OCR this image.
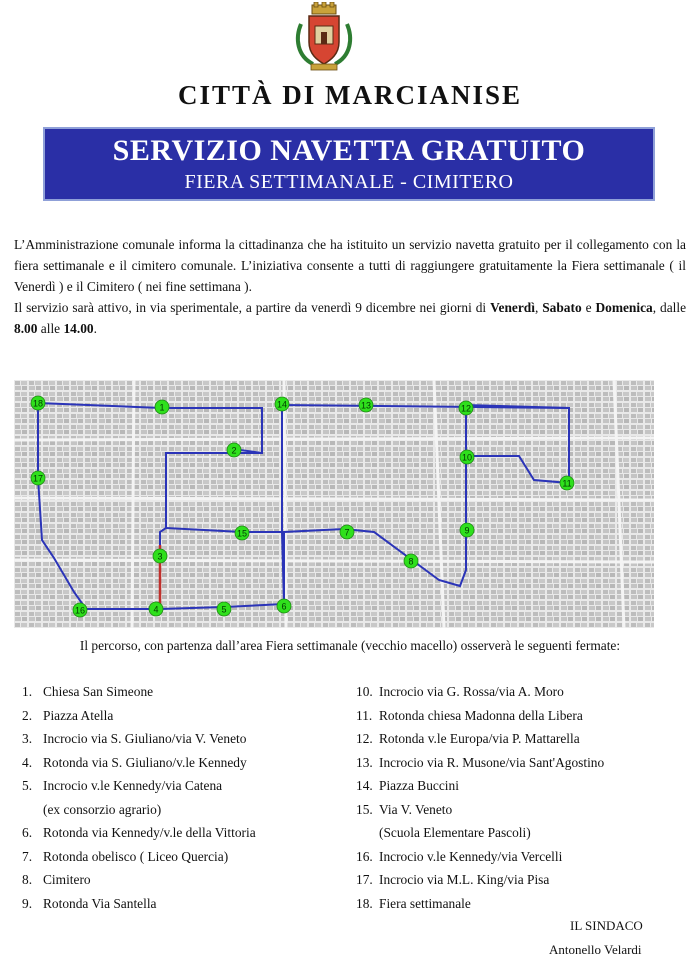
CITTÀ DI MARCIANISE
SERVIZIO NAVETTA GRATUITO
FIERA SETTIMANALE - CIMITERO

L’Amministrazione comunale informa la cittadinanza che ha istituito un servizio navetta gratuito per il collegamento con la fiera settimanale e il cimitero comunale. L’iniziativa consente a tutti di raggiungere gratuitamente la Fiera settimanale ( il Venerdì ) e il Cimitero ( nei fine settimana ).

Il servizio sarà attivo, in via sperimentale, a partire da venerdì 9 dicembre nei giorni di Venerdì, Sabato e Domenica, dalle 8.00 alle 14.00.

1
2
3
4	5	6
7
8
9
10
11
12
13
14
15
16
17
18
Il percorso, con partenza dall’area Fiera settimanale (vecchio macello) osserverà le seguenti fermate:
1. Chiesa San Simeone
2. Piazza Atella
3. Incrocio via S. Giuliano/via V. Veneto
4. Rotonda via S. Giuliano/v.le Kennedy
5. Incrocio v.le Kennedy/via Catena
(ex consorzio agrario)
6. Rotonda via Kennedy/v.le della Vittoria
7. Rotonda obelisco ( Liceo Quercia)
8. Cimitero
9. Rotonda Via Santella
10. Incrocio via G. Rossa/via A. Moro
11. Rotonda chiesa Madonna della Libera
12. Rotonda v.le Europa/via P. Mattarella
13. Incrocio via R. Musone/via Sant'Agostino
14. Piazza Buccini
15. Via V. Veneto
(Scuola Elementare Pascoli)
16. Incrocio v.le Kennedy/via Vercelli
17. Incrocio via M.L. King/via Pisa
18. Fiera settimanale
IL SINDACO
Antonello Velardi
